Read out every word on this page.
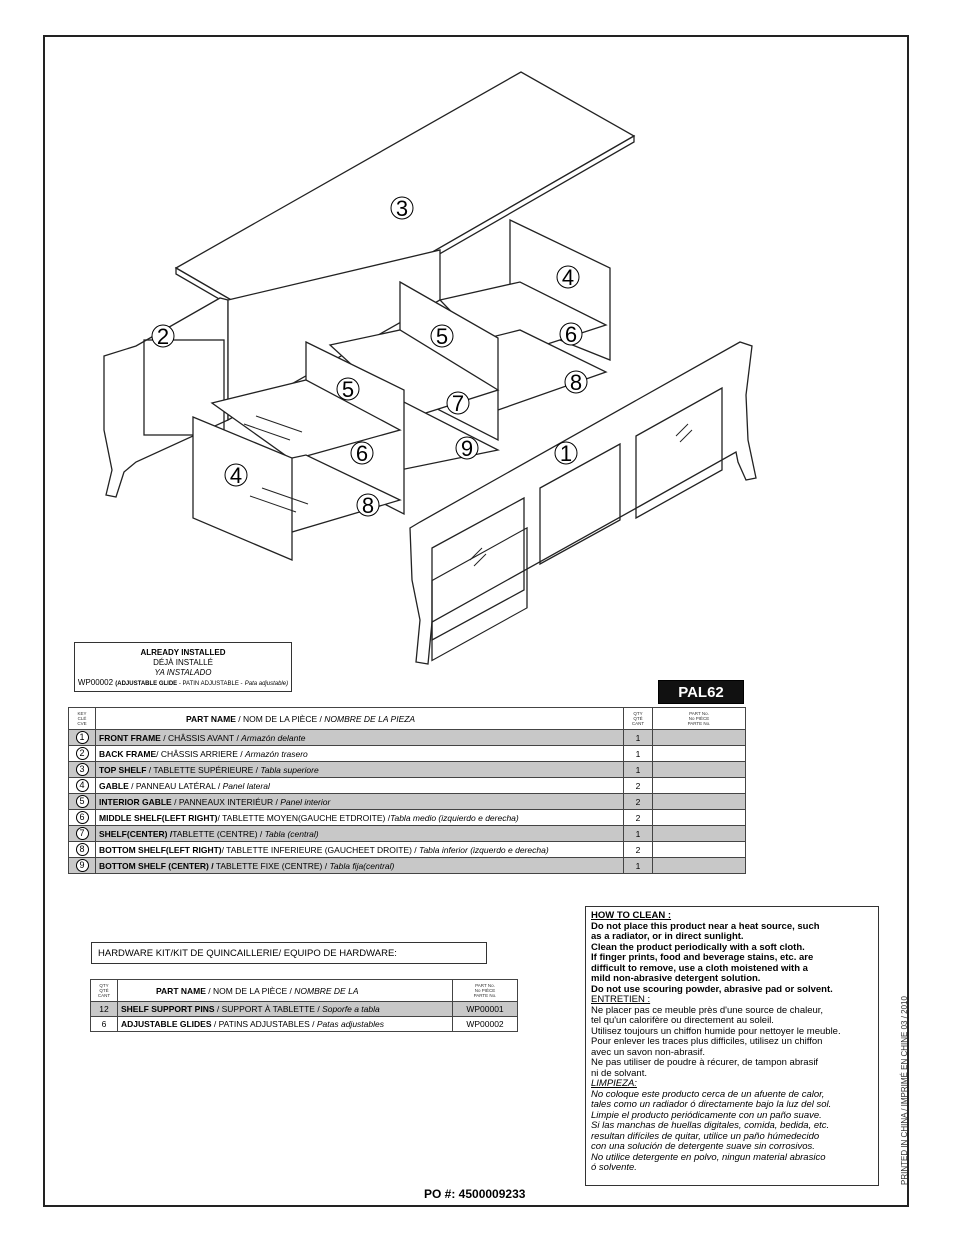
3
4
2	5	6
8
5
7
9	1
6
4
8
ALREADY INSTALLED
DÉJÀ INSTALLÉ
YA INSTALADO
WP00002 (ADJUSTABLE GLIDE - PATIN ADJUSTABLE - Pata adjustable)	PAL62
KEY
CLÉ
CVE	PART NAME / NOM DE LA PIÈCE / NOMBRE DE LA PIEZA	QTY
QTÉ
CANT	PART No.
No PIÈCE
PARTE No.

1	FRONT FRAME / CHÂSSIS AVANT / Armazón delante	1	
2	BACK FRAME/ CHÂSSIS ARRIERE / Armazón trasero	1	
3	TOP SHELF / TABLETTE SUPÉRIEURE / Tabla superiore	1	
4	GABLE / PANNEAU LATÉRAL / Panel lateral	2	
5	INTERIOR GABLE / PANNEAUX INTERIÉUR / Panel interior	2	
6	MIDDLE SHELF(LEFT RIGHT)/ TABLETTE MOYEN(GAUCHE ETDROITE) /Tabla medio (izquierdo e derecha)	2	
7	SHELF(CENTER) /TABLETTE (CENTRE) / Tabla (central)	1	
8	BOTTOM SHELF(LEFT RIGHT)/ TABLETTE INFERIEURE (GAUCHEET DROITE) / Tabla inferior (izquerdo e derecha)	2	
9	BOTTOM SHELF (CENTER) / TABLETTE FIXE (CENTRE) / Tabla fija(central)	1	
HARDWARE KIT/KIT DE QUINCAILLERIE/ EQUIPO DE HARDWARE:
QTY
QTÉ
CANT	PART NAME / NOM DE LA PIÈCE / NOMBRE DE LA	PART No.
No PIÈCE
PARTE No.

12	SHELF SUPPORT PINS / SUPPORT À TABLETTE / Soporfe a tabla	WP00001
6	ADJUSTABLE GLIDES / PATINS ADJUSTABLES / Patas adjustables	WP00002

HOW TO CLEAN :

Do not place this product near a heat source, such

as a radiator, or in direct sunlight.

Clean the product periodically with a soft cloth.

If finger prints, food and beverage stains, etc. are

difficult to remove, use a cloth moistened with a

mild non-abrasive detergent solution.

Do not use scouring powder, abrasive pad or solvent.

ENTRETIEN :

Ne placer pas ce meuble près d'une source de chaleur,

tel qu'un calorifère ou directement au soleil.

Utilisez toujours un chiffon humide pour nettoyer le meuble.

Pour enlever les traces plus difficiles, utilisez un chiffon

avec un savon non-abrasif.

Ne pas utiliser de poudre à récurer, de tampon abrasif

ni de solvant.

LIMPIEZA:

No coloque este producto cerca de un afuente de calor,

tales como un radiador ó directamente bajo la luz del sol.

Limpie el producto periódicamente con un paño suave.

Si las manchas de huellas digitales, comida, bedida, etc.

resultan difíciles de quitar, utilice un paño húmedecido

con una solución de detergente suave sin corrosivos.

No utilice detergente en polvo, ningun material abrasico

ó solvente.	PRINTED IN CHINA / IMPRIMÉ EN CHINE 03 / 2010
PO #: 4500009233
